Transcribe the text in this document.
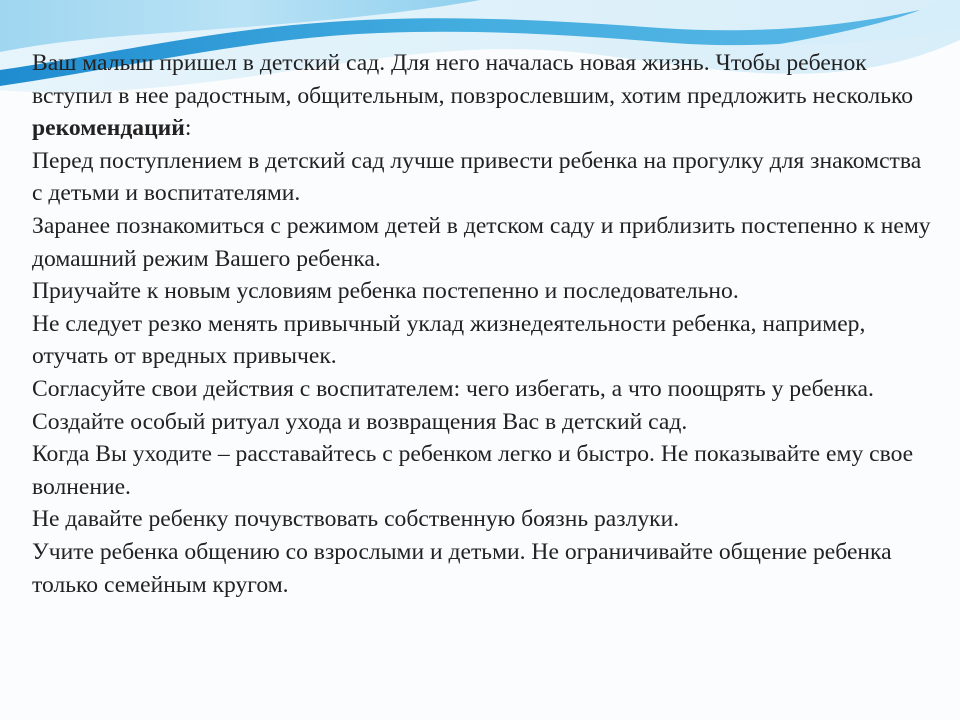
Ваш малыш пришел в детский сад. Для него началась новая жизнь. Чтобы ребенок вступил в нее радостным, общительным, повзрослевшим, хотим предложить несколько рекомендаций:

Перед поступлением в детский сад лучше привести ребенка на прогулку для знакомства с детьми и воспитателями.

Заранее познакомиться с режимом детей в детском саду и приблизить постепенно к нему домашний режим Вашего ребенка.

Приучайте к новым условиям ребенка постепенно и последовательно.

Не следует резко менять привычный уклад жизнедеятельности ребенка, например, отучать от вредных привычек.

Согласуйте свои действия с воспитателем: чего избегать, а что поощрять у ребенка.

Создайте особый ритуал ухода и возвращения Вас в детский сад.

Когда Вы уходите – расставайтесь с ребенком легко и быстро. Не показывайте ему свое волнение.

Не давайте ребенку почувствовать собственную боязнь разлуки.

Учите ребенка общению со взрослыми и детьми. Не ограничивайте общение ребенка только семейным кругом.
